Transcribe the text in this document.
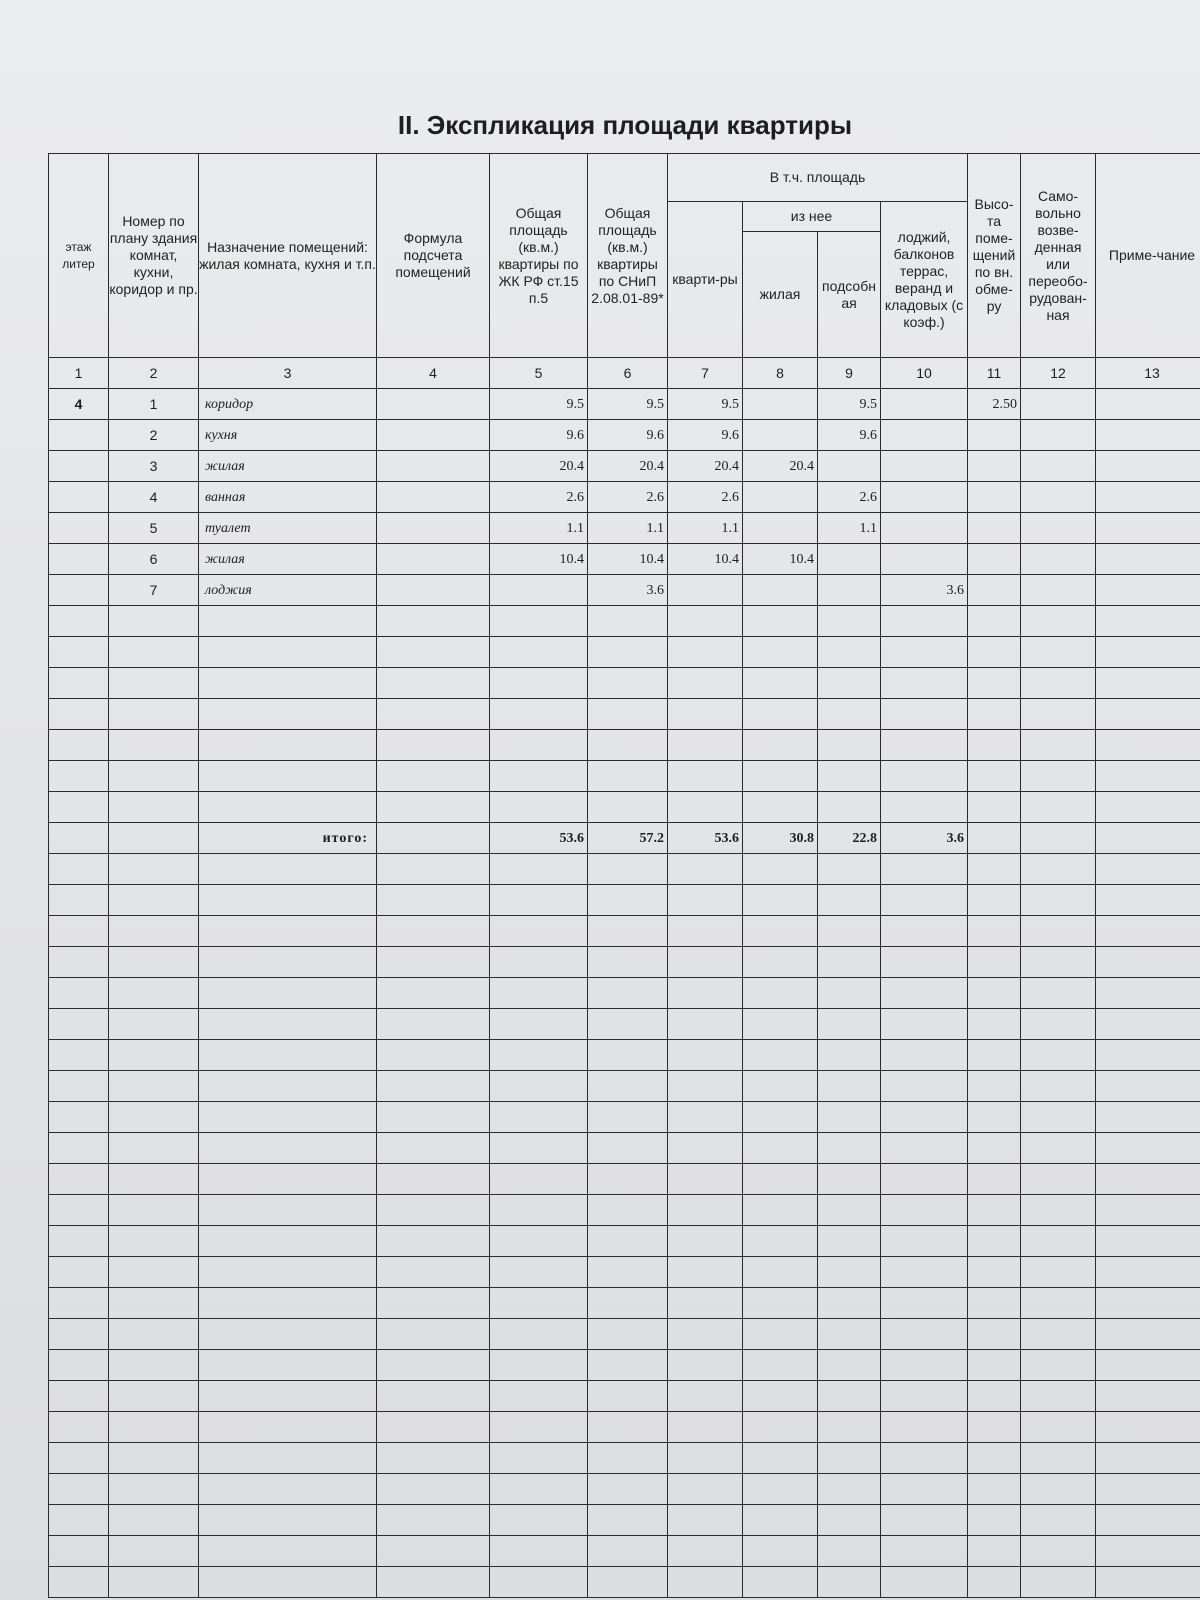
II. Экспликация площади квартиры
этаж литер	Номер по плану здания комнат, кухни, коридор и пр.	Назначение помещений: жилая комната, кухня и т.п.	Формула подсчета помещений	Общая площадь (кв.м.) квартиры по ЖК РФ ст.15 п.5	Общая площадь (кв.м.) квартиры по СНиП 2.08.01-89*	В т.ч. площадь				Высо-та поме-щений по вн. обме-ру	Само-вольно возве-денная или переобо-рудован-ная	Приме-чание
						кварти-ры	из нее		лоджий, балконов террас, веранд и кладовых (с коэф.)			
							жилая	подсобн ая				
1	2	3	4	5	6	7	8	9	10	11	12	13
4	1	коридор		9.5	9.5	9.5		9.5		2.50		
	2	кухня		9.6	9.6	9.6		9.6				
	3	жилая		20.4	20.4	20.4	20.4					
	4	ванная		2.6	2.6	2.6		2.6				
	5	туалет		1.1	1.1	1.1		1.1				
	6	жилая		10.4	10.4	10.4	10.4					
	7	лоджия			3.6				3.6			

		итого:		53.6	57.2	53.6	30.8	22.8	3.6			
